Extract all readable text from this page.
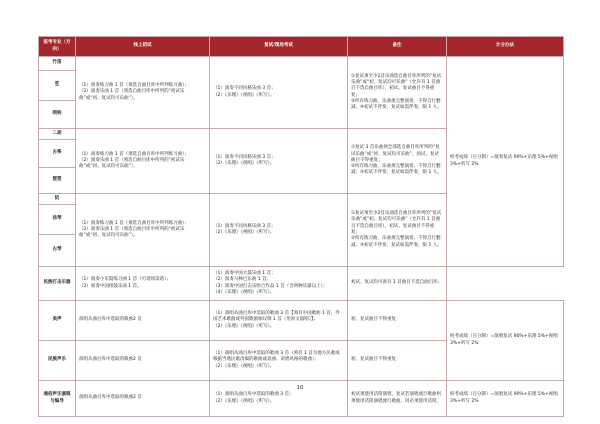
报考专业（方向）	线上初试	复试/现场考试	备注	计分办法
竹笛	（1）演奏练习曲 1 首（须选自曲目库中所列练习曲）；
（2）演奏乐曲 1 首（须选自曲目库中所列的“初试乐曲”或“初、复试均可乐曲”）。	（1）演奏不同风格乐曲 3 首；
（2）《乐理》《视唱》《听写》。	①复试须至少2首乐曲选自曲目库所列的“复试乐曲”或“初、复试均可乐曲”（允许有 1 首曲目不选自曲目库），初试、复试曲目不得重复；
②所有练习曲、乐曲须完整演奏，不得自行删减；④初试不伴奏，复试如需伴奏，限 1 人。	校考成绩（百分制）=演奏复试 90%+乐理 5%+视唱 3%+听写 2%

笙				
唢呐				
二胡	（1）演奏练习曲 1 首（须选自曲目库中所列练习曲）；
（2）演奏乐曲 1 首（须选自曲目库中所列的“初试乐曲”或“初、复试均可乐曲”）。	（1）演奏不同风格乐曲 3 首；
（2）《乐理》《视唱》《听写》。	①复试 3 首乐曲须全部选自曲目库所列的“复试乐曲”或“初、复试均可乐曲”，初试、复试曲目不得重复；
②所有练习曲、乐曲须完整演奏，不得自行删减；③初试不伴奏，复试如需伴奏，限 1 人。	

古筝				
琵琶				
阮	（1）演奏练习曲 1 首（须选自曲目库中所列练习曲）；
（2）演奏乐曲 1 首（须选自曲目库中所列的“初试乐曲”或“初、复试均可乐曲”）。	（1）演奏不同风格乐曲 3 首；
（2）《乐理》《视唱》《听写》。	①复试须至少2首乐曲选自曲目库所列的“复试乐曲”或“初、复试均可乐曲”（允许有 1 首曲目不选自曲目库），初试、复试曲目不得重复；
②所有练习曲、乐曲须完整演奏，不得自行删减；③初试不伴奏，复试如需伴奏，限 1 人。	

扬琴				
古琴				
民族打击乐器	（1）演奏小军鼓练习曲 1 首（可现场读谱）；
（2）演奏中国排鼓乐曲 1 首。	（1）演奏中国大鼓乐曲 1 首；
（2）演奏马林巴乐曲 1 首；
（3）演奏中国打击乐组合作品 1 首（含两种乐器以上）；
（4）《乐理》《视唱》《听写》。	初试、复试均可备有 1 首曲目不选自曲目库。	

美声	演唱从曲目库中选取的歌曲2 首	（1）演唱从曲目库中选取的歌曲 3 首【须有中国歌曲 1 首、外国艺术歌曲或外国歌剧咏叹调 1 首（用原文演唱）】；
（2）《乐理》《视唱》《听写》。	初、复试曲目不得重复	校考成绩（百分制）=演唱复试 90%+乐理 5%+视唱 3%+听写 2%

民族声乐	演唱从曲目库中选取的歌曲2 首	（1）演唱从曲目库中选取的歌曲 3 首（须有 1 首为地方民歌或根据当地民歌改编的歌曲或戏曲、说唱风格的歌曲）；
（2）《乐理》《视唱》《听写》。	初、复试曲目不得重复	

通俗声乐演唱与编导	演唱从曲目库中选取的歌曲2 首	（1）演唱从曲目库中选取的歌曲 3 首；
（2）《乐理》《视唱》《听写》。	初试须使用话筒演唱，复试若演唱流行歌曲则须使用话筒演唱流行歌曲，同必须使用话筒。	校考成绩（百分制）=演唱复试 90%+乐理 5%+视唱 3%+听写 2%
10
